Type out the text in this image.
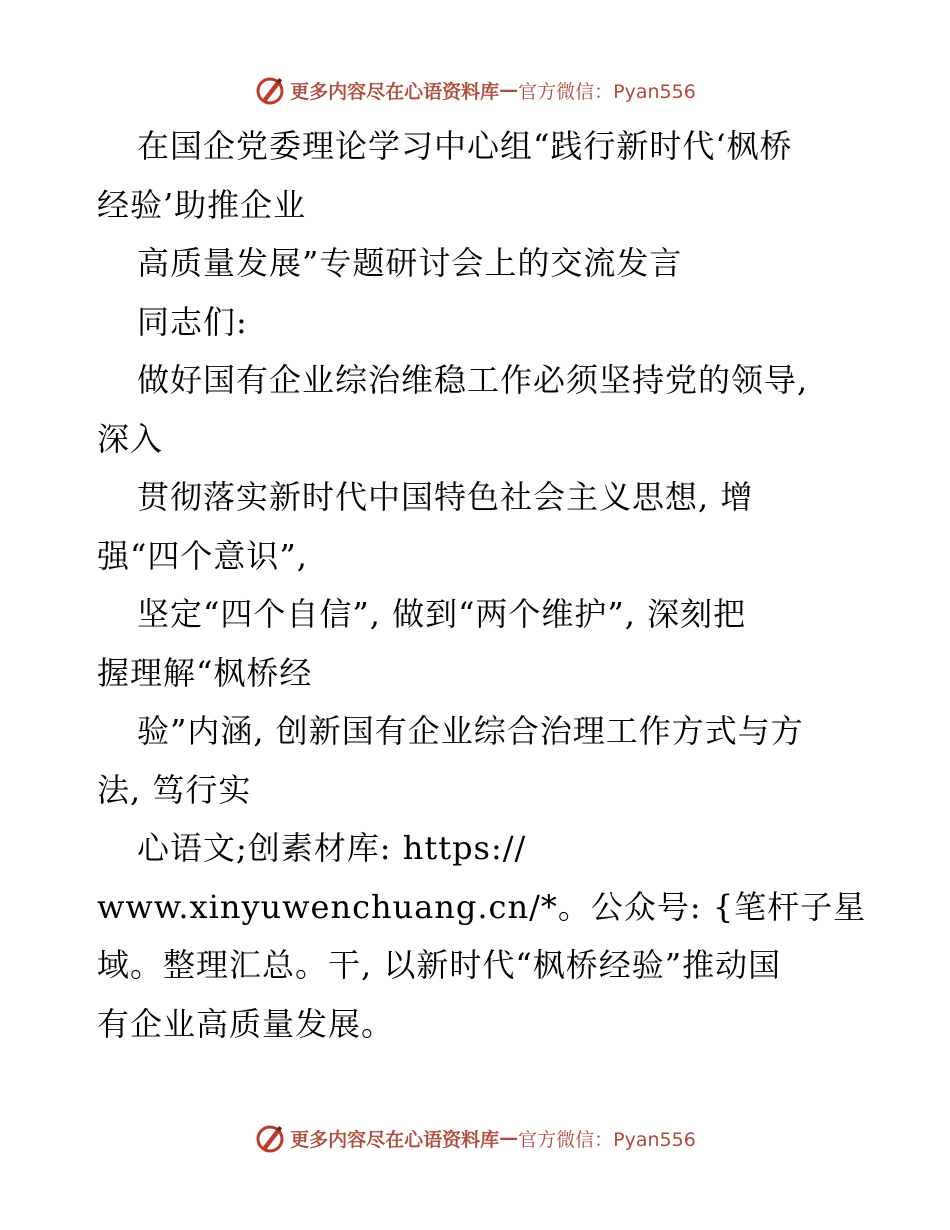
更多内容尽在心语资料库 — 官方微信：Pyan556
在国企党委理论学习中心组“践行新时代‘枫桥
经验’助推企业
高质量发展”专题研讨会上的交流发言
同志们:
做好国有企业综治维稳工作必须坚持党的领导,
深入
贯彻落实新时代中国特色社会主义思想, 增
强“四个意识”,
坚定“四个自信”, 做到“两个维护”, 深刻把
握理解“枫桥经
验”内涵, 创新国有企业综合治理工作方式与方
法, 笃行实
心语文;创素材库: https://
www.xinyuwenchuang.cn/*。公众号: {笔杆子星
域。整理汇总。干, 以新时代“枫桥经验”推动国
有企业高质量发展。
更多内容尽在心语资料库 — 官方微信：Pyan556
